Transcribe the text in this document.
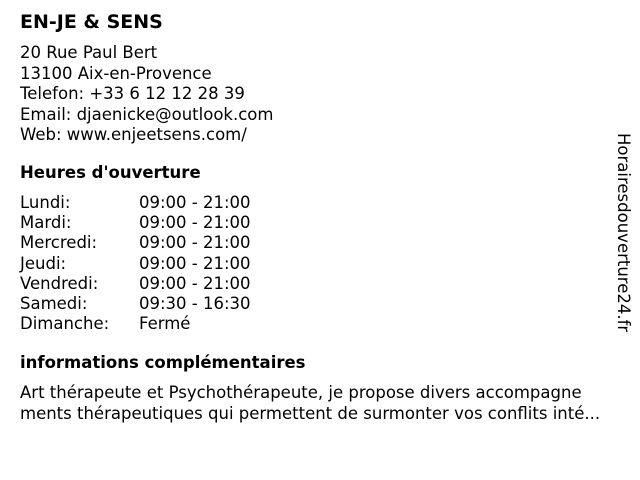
EN-JE & SENS
20 Rue Paul Bert
13100 Aix-en-Provence
Telefon: +33 6 12 12 28 39
Email: djaenicke@outlook.com
Web: www.enjeetsens.com/
Heures d'ouverture
Lundi:	09:00 - 21:00
Mardi:	09:00 - 21:00
Mercredi:	09:00 - 21:00
Jeudi:	09:00 - 21:00
Vendredi: 09:00 - 21:00
Samedi:	09:30 - 16:30
Dimanche: Fermé
informations complémentaires
Art thérapeute et Psychothérapeute, je propose divers accompagne
ments thérapeutiques qui permettent de surmonter vos conflits inté...
Horairesdouverture24.fr
